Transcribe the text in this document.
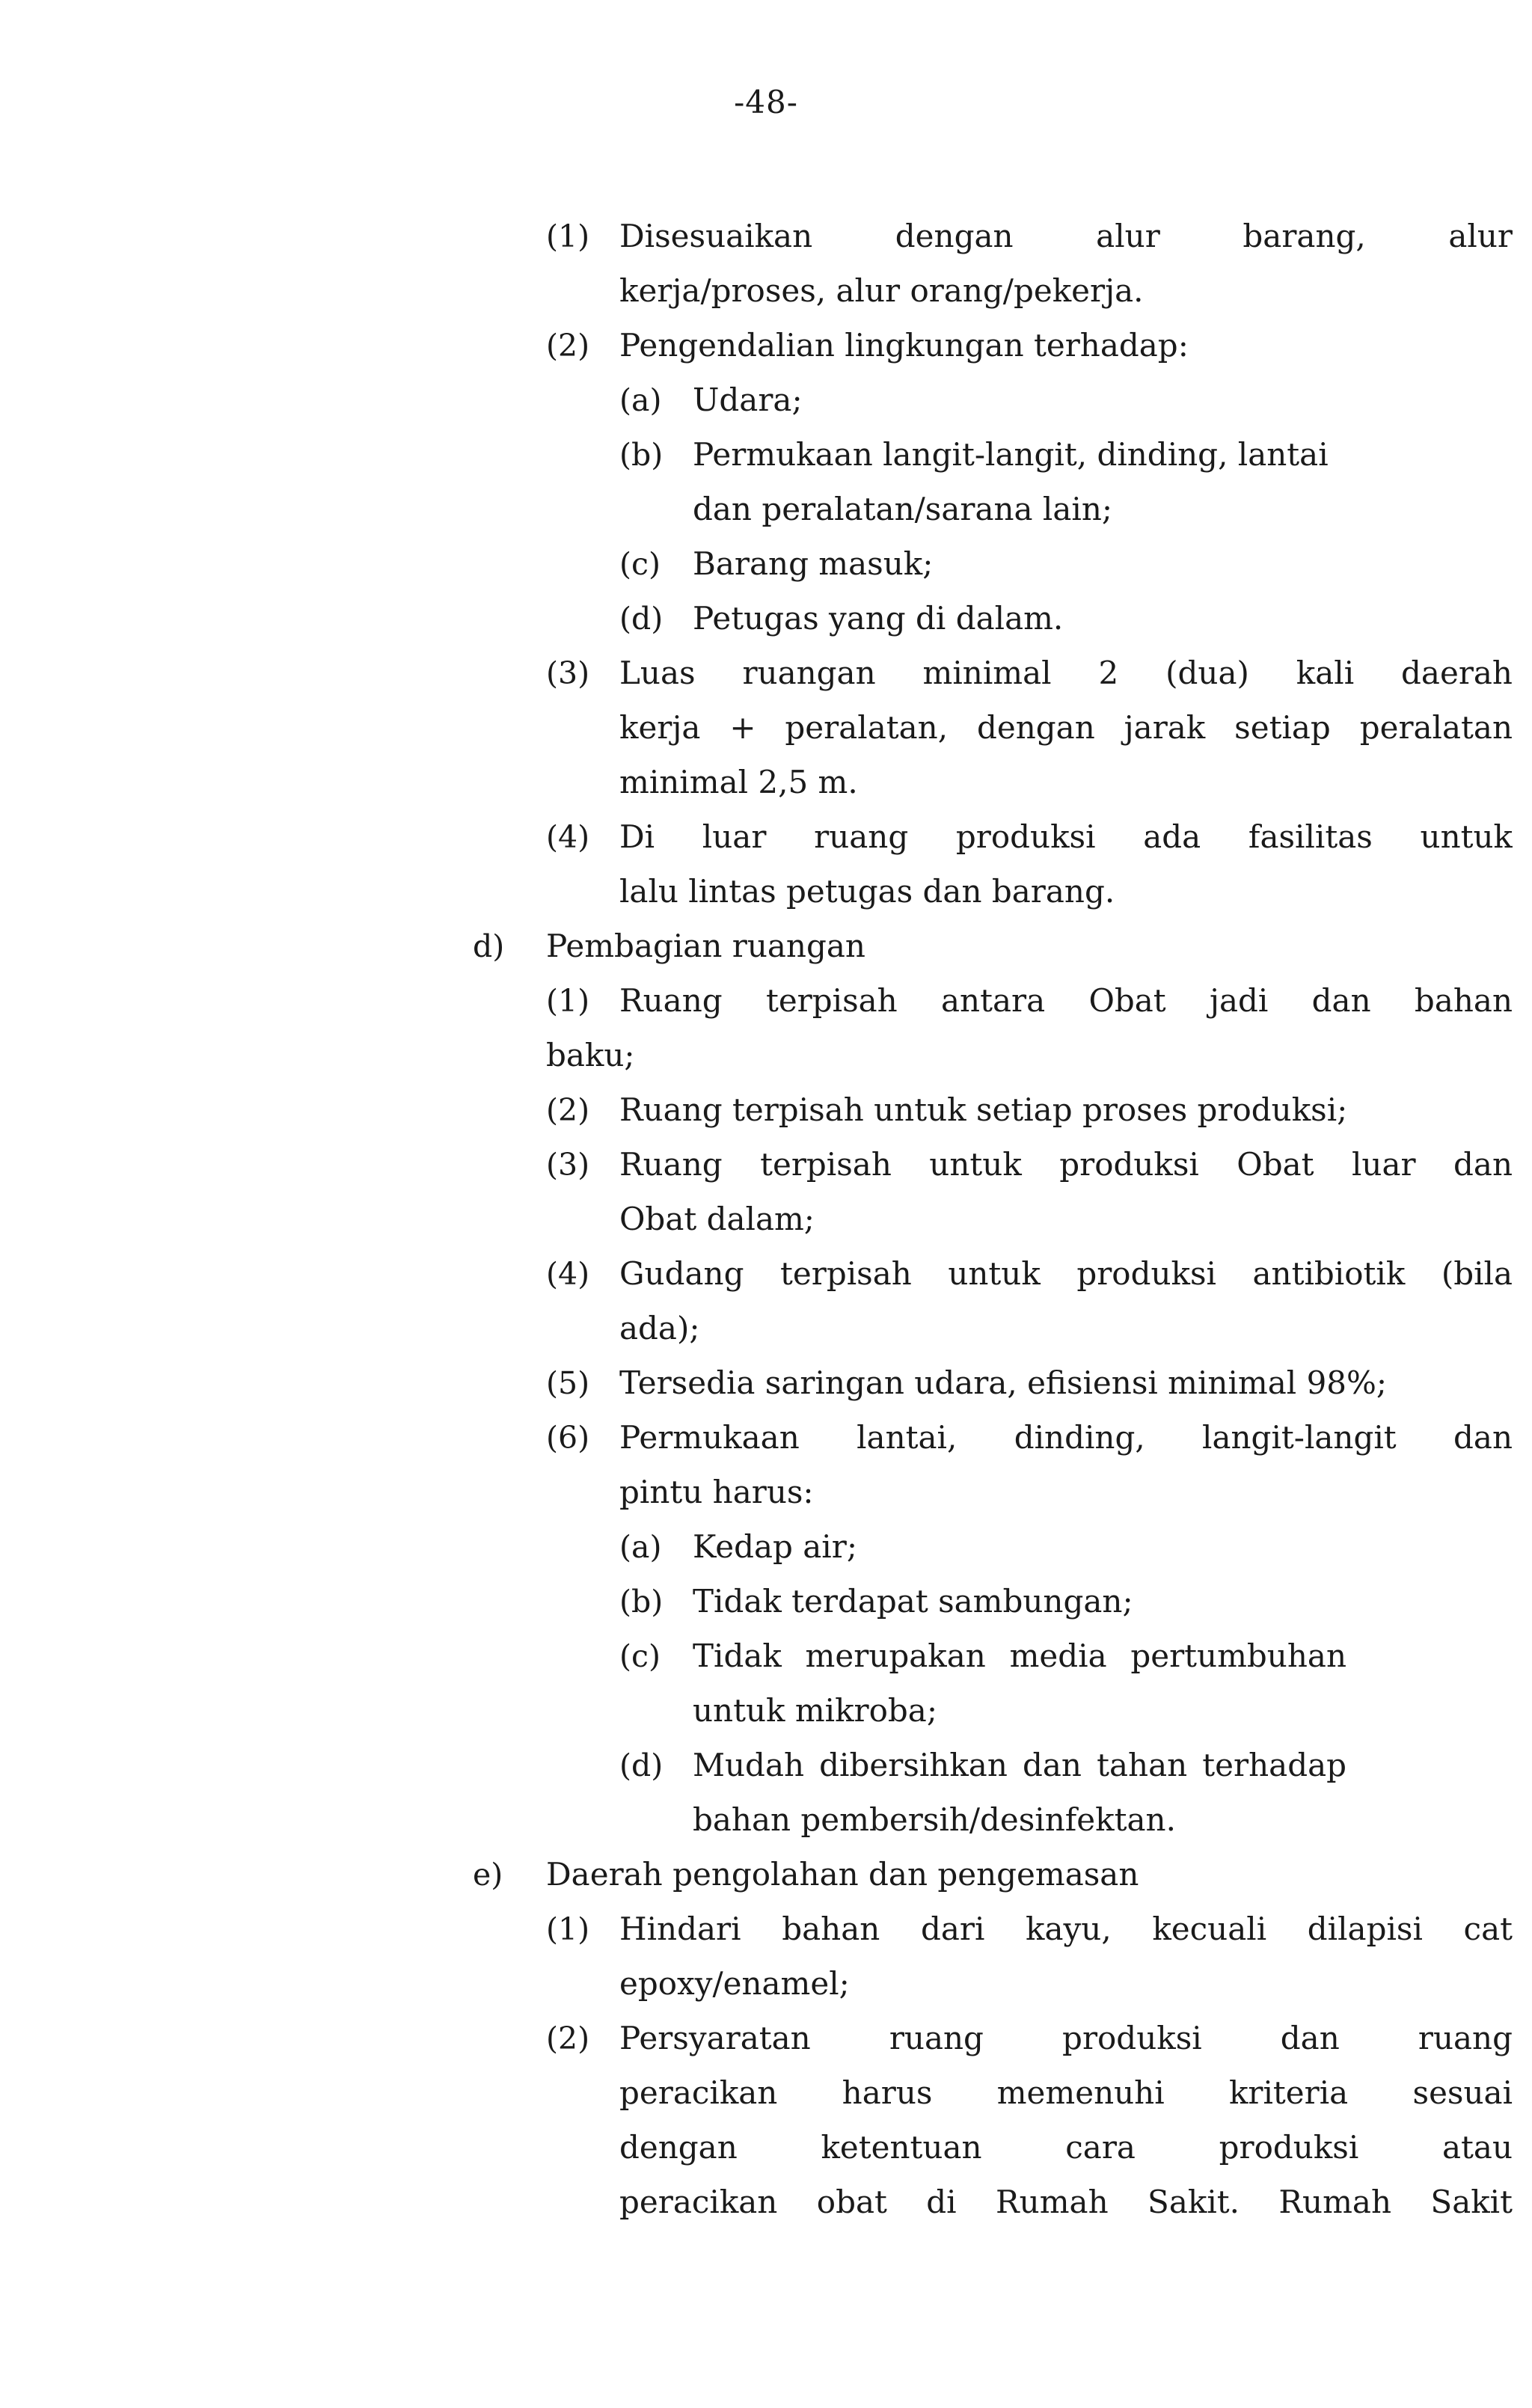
-48-
(1) Disesuaikan dengan alur barang, alur
kerja/proses, alur orang/pekerja.
(2) Pengendalian lingkungan terhadap:
(a) Udara;
(b) Permukaan langit-langit, dinding, lantai
dan peralatan/sarana lain;
(c) Barang masuk;
(d) Petugas yang di dalam.
(3) Luas ruangan minimal 2 (dua) kali daerah
kerja + peralatan, dengan jarak setiap peralatan
minimal 2,5 m.
(4) Di luar ruang produksi ada fasilitas untuk
lalu lintas petugas dan barang.
d) Pembagian ruangan
(1) Ruang terpisah antara Obat jadi dan bahan
baku;
(2) Ruang terpisah untuk setiap proses produksi;
(3) Ruang terpisah untuk produksi Obat luar dan
Obat dalam;
(4) Gudang terpisah untuk produksi antibiotik (bila
ada);
(5) Tersedia saringan udara, efisiensi minimal 98%;
(6) Permukaan lantai, dinding, langit-langit dan
pintu harus:
(a) Kedap air;
(b) Tidak terdapat sambungan;
(c) Tidak merupakan media pertumbuhan
untuk mikroba;
(d) Mudah dibersihkan dan tahan terhadap
bahan pembersih/desinfektan.
e) Daerah pengolahan dan pengemasan
(1) Hindari bahan dari kayu, kecuali dilapisi cat
epoxy/enamel;
(2) Persyaratan ruang produksi dan ruang
peracikan harus memenuhi kriteria sesuai
dengan ketentuan cara produksi atau
peracikan obat di Rumah Sakit. Rumah Sakit
